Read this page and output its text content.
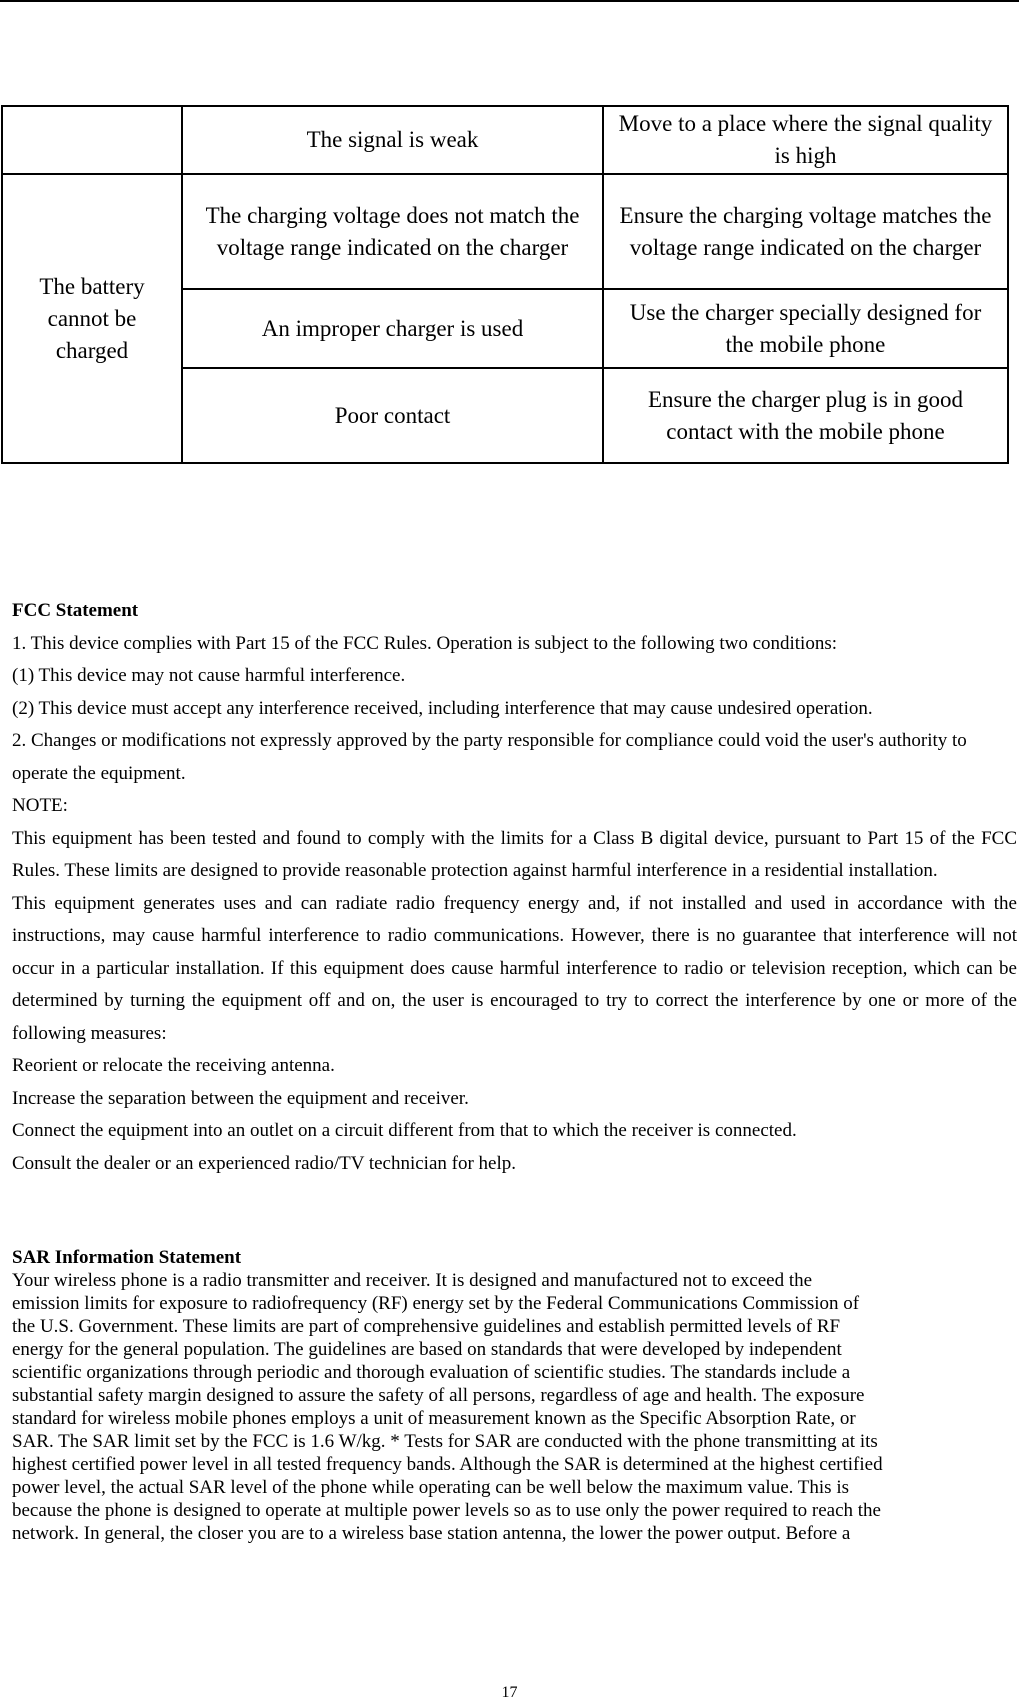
	The signal is weak	Move to a place where the signal quality is high
The battery cannot be charged	The charging voltage does not match the voltage range indicated on the charger	Ensure the charging voltage matches the voltage range indicated on the charger
	An improper charger is used	Use the charger specially designed for the mobile phone
	Poor contact	Ensure the charger plug is in good contact with the mobile phone

FCC Statement

1. This device complies with Part 15 of the FCC Rules. Operation is subject to the following two conditions:

(1) This device may not cause harmful interference.

(2) This device must accept any interference received, including interference that may cause undesired operation.

2. Changes or modifications not expressly approved by the party responsible for compliance could void the user's authority to operate the equipment.

NOTE:

This equipment has been tested and found to comply with the limits for a Class B digital device, pursuant to Part 15 of the FCC Rules. These limits are designed to provide reasonable protection against harmful interference in a residential installation.

This equipment generates uses and can radiate radio frequency energy and, if not installed and used in accordance with the instructions, may cause harmful interference to radio communications. However, there is no guarantee that interference will not occur in a particular installation. If this equipment does cause harmful interference to radio or television reception, which can be determined by turning the equipment off and on, the user is encouraged to try to correct the interference by one or more of the following measures:

Reorient or relocate the receiving antenna.

Increase the separation between the equipment and receiver.

Connect the equipment into an outlet on a circuit different from that to which the receiver is connected.

Consult the dealer or an experienced radio/TV technician for help.

SAR Information Statement

Your wireless phone is a radio transmitter and receiver. It is designed and manufactured not to exceed the

emission limits for exposure to radiofrequency (RF) energy set by the Federal Communications Commission of

the U.S. Government. These limits are part of comprehensive guidelines and establish permitted levels of RF

energy for the general population. The guidelines are based on standards that were developed by independent

scientific organizations through periodic and thorough evaluation of scientific studies. The standards include a

substantial safety margin designed to assure the safety of all persons, regardless of age and health. The exposure

standard for wireless mobile phones employs a unit of measurement known as the Specific Absorption Rate, or

SAR. The SAR limit set by the FCC is 1.6 W/kg. * Tests for SAR are conducted with the phone transmitting at its

highest certified power level in all tested frequency bands. Although the SAR is determined at the highest certified

power level, the actual SAR level of the phone while operating can be well below the maximum value. This is

because the phone is designed to operate at multiple power levels so as to use only the power required to reach the

network. In general, the closer you are to a wireless base station antenna, the lower the power output. Before a

17
